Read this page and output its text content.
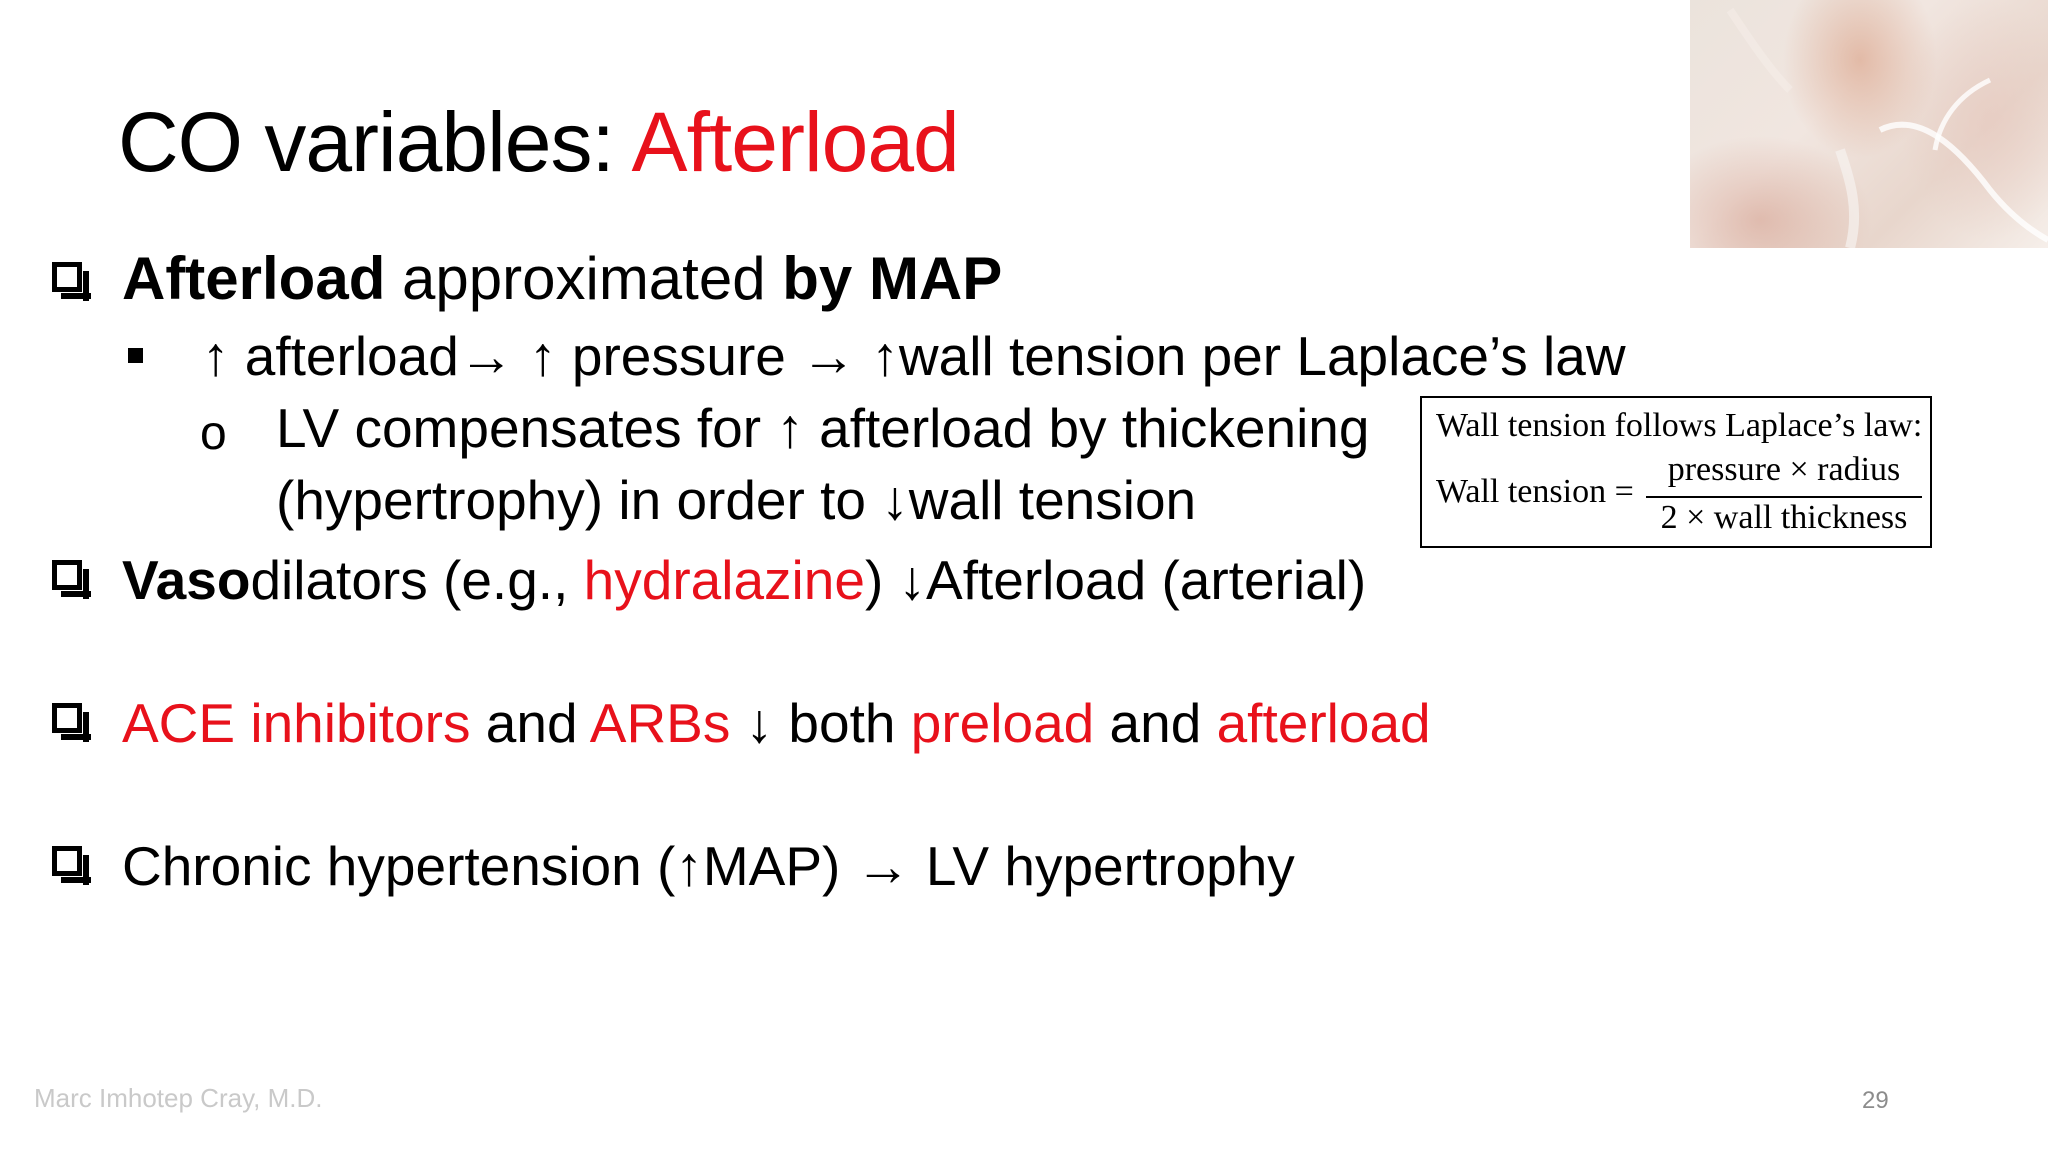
CO variables: Afterload
Afterload approximated by MAP
↑ afterload→ ↑ pressure → ↑wall tension per Laplace’s law
o LV compensates for ↑ afterload by thickening
(hypertrophy) in order to ↓wall tension
Vasodilators (e.g., hydralazine) ↓Afterload (arterial)
ACE inhibitors and ARBs ↓ both preload and afterload
Chronic hypertension (↑MAP) → LV hypertrophy
Wall tension follows Laplace’s law:
Wall tension =
pressure × radius
2 × wall thickness
Marc Imhotep Cray, M.D.	29
